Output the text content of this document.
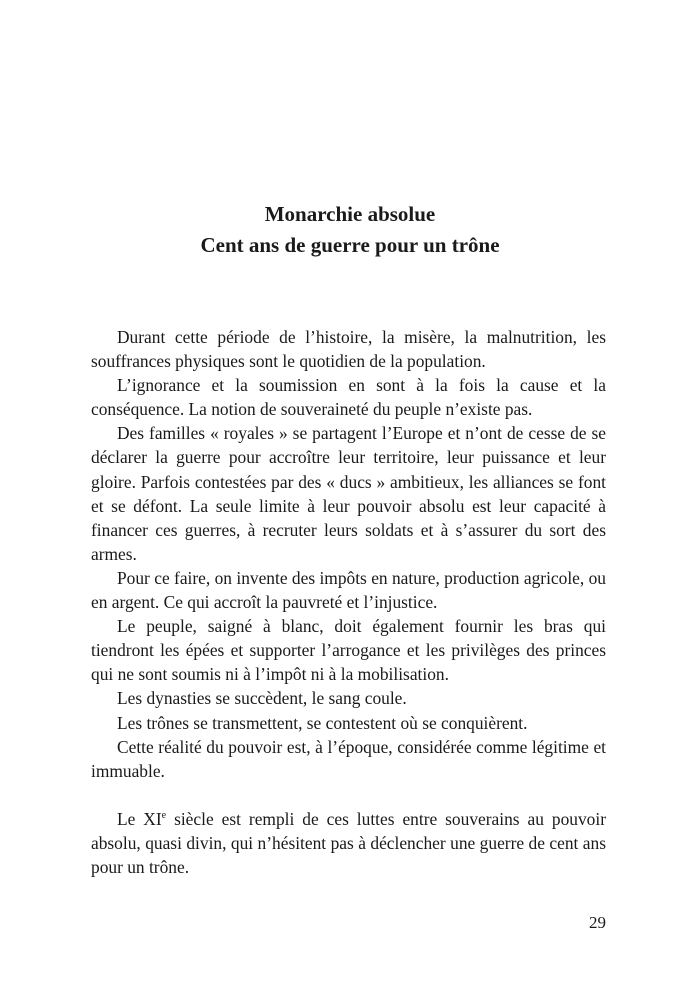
Monarchie absolue
Cent ans de guerre pour un trône

Durant cette période de l’histoire, la misère, la malnutrition, les souffrances physiques sont le quotidien de la population.

L’ignorance et la soumission en sont à la fois la cause et la conséquence. La notion de souveraineté du peuple n’existe pas.

Des familles « royales » se partagent l’Europe et n’ont de cesse de se déclarer la guerre pour accroître leur territoire, leur puissance et leur gloire. Parfois contestées par des « ducs » ambitieux, les alliances se font et se défont. La seule limite à leur pouvoir absolu est leur capacité à financer ces guerres, à recruter leurs soldats et à s’assurer du sort des armes.

Pour ce faire, on invente des impôts en nature, production agricole, ou en argent. Ce qui accroît la pauvreté et l’injustice.

Le peuple, saigné à blanc, doit également fournir les bras qui tiendront les épées et supporter l’arrogance et les privilèges des princes qui ne sont soumis ni à l’impôt ni à la mobilisation.

Les dynasties se succèdent, le sang coule.

Les trônes se transmettent, se contestent où se conquièrent.

Cette réalité du pouvoir est, à l’époque, considérée comme légitime et immuable.

Le XIe siècle est rempli de ces luttes entre souverains au pouvoir absolu, quasi divin, qui n’hésitent pas à déclencher une guerre de cent ans pour un trône.

29
